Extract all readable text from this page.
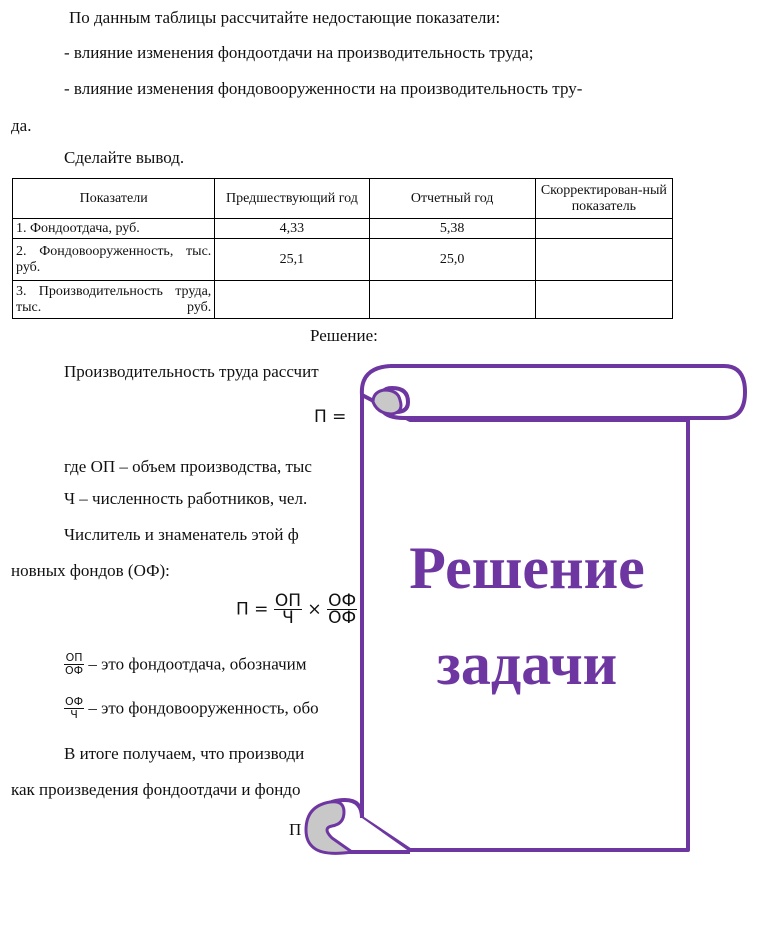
По данным таблицы рассчитайте недостающие показатели:
- влияние изменения фондоотдачи на производительность труда;
- влияние изменения фондовооруженности на производительность тру-
да.
Сделайте вывод.
Показатели	Предшествующий год	Отчетный год	Скорректирован-ный показатель
1. Фондоотдача, руб.	4,33	5,38	
2. Фондовооруженность, тыс. руб.	25,1	25,0	
3. Производительность труда, тыс. руб.			
Решение:
Производительность труда рассчит
П =
где ОП – объем производства, тыс
Ч – численность работников, чел.
Числитель и знаменатель этой ф
новных фондов (ОФ):
$П = \frac{ОП}{Ч} \times \frac{ОФ}{ОФ}$
$\frac{ОП}{ОФ}$ – это фондоотдача, обозначим
$\frac{ОФ}{Ч}$ – это фондовооруженность, обо
В итоге получаем, что производи
как произведения фондоотдачи и фондо
П
Решение
задачи
